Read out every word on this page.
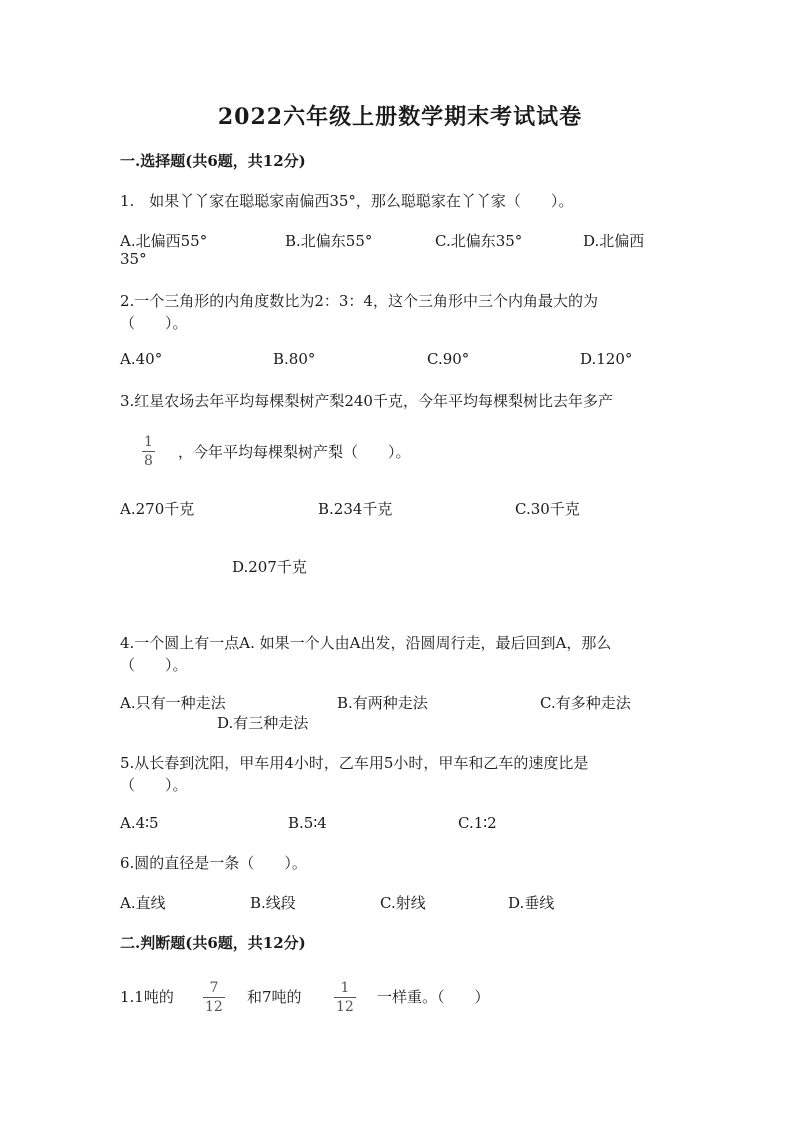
2022六年级上册数学期末考试试卷
一.选择题(共6题，共12分)
1.　如果丫丫家在聪聪家南偏西35°，那么聪聪家在丫丫家（　　）。
A.北偏西55°	B.北偏东55°	C.北偏东35°	D.北偏西
35°
2.一个三角形的内角度数比为2：3：4，这个三角形中三个内角最大的为
（　　）。
A.40°	B.80°	C.90°	D.120°
3.红星农场去年平均每棵梨树产梨240千克，今年平均每棵梨树比去年多产
1
8 ，今年平均每棵梨树产梨（　　）。
A.270千克	B.234千克	C.30千克
D.207千克
4.一个圆上有一点A. 如果一个人由A出发，沿圆周行走，最后回到A，那么
（　　）。
A.只有一种走法	B.有两种走法	C.有多种走法
D.有三种走法
5.从长春到沈阳，甲车用4小时，乙车用5小时，甲车和乙车的速度比是
（　　）。
A.4∶5	B.5∶4	C.1∶2
6.圆的直径是一条（　　）。
A.直线	B.线段	C.射线	D.垂线
二.判断题(共6题，共12分)
1.1吨的	7
12
和7吨的	1
12
一样重。（　　）
